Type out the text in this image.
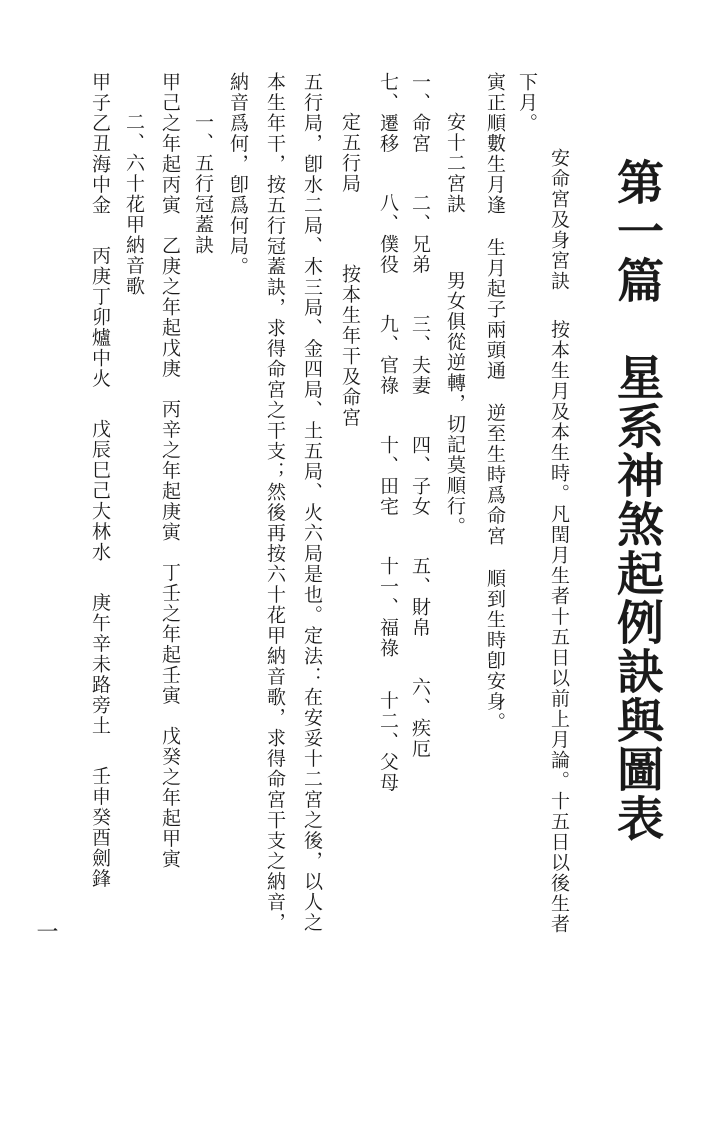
第一篇星系神煞起例訣與圖表
安命宮及身宮訣按本生月及本生時。凡閏月生者十五日以前上月論。十五日以後生者
下月。
寅正順數生月逢生月起子兩頭通逆至生時爲命宮順到生時卽安身。
安十二宮訣男女俱從逆轉，切記莫順行。
一、命宮二、兄弟三、夫妻四、子女五、財帛六、疾厄
七、遷移八、僕役九、官祿十、田宅十一、福祿十二、父母
定五行局按本生年干及命宮
五行局，卽水二局、木三局、金四局、土五局、火六局是也。定法：在安妥十二宮之後，以人之
本生年干，按五行冠蓋訣，求得命宮之干支；然後再按六十花甲納音歌，求得命宮干支之納音，
納音爲何，卽爲何局。
一、五行冠蓋訣
甲己之年起丙寅乙庚之年起戊庚丙辛之年起庚寅丁壬之年起壬寅戊癸之年起甲寅
二、六十花甲納音歌
甲子乙丑海中金丙庚丁卯爐中火戊辰巳己大林水庚午辛未路旁土壬申癸酉劍鋒
一
